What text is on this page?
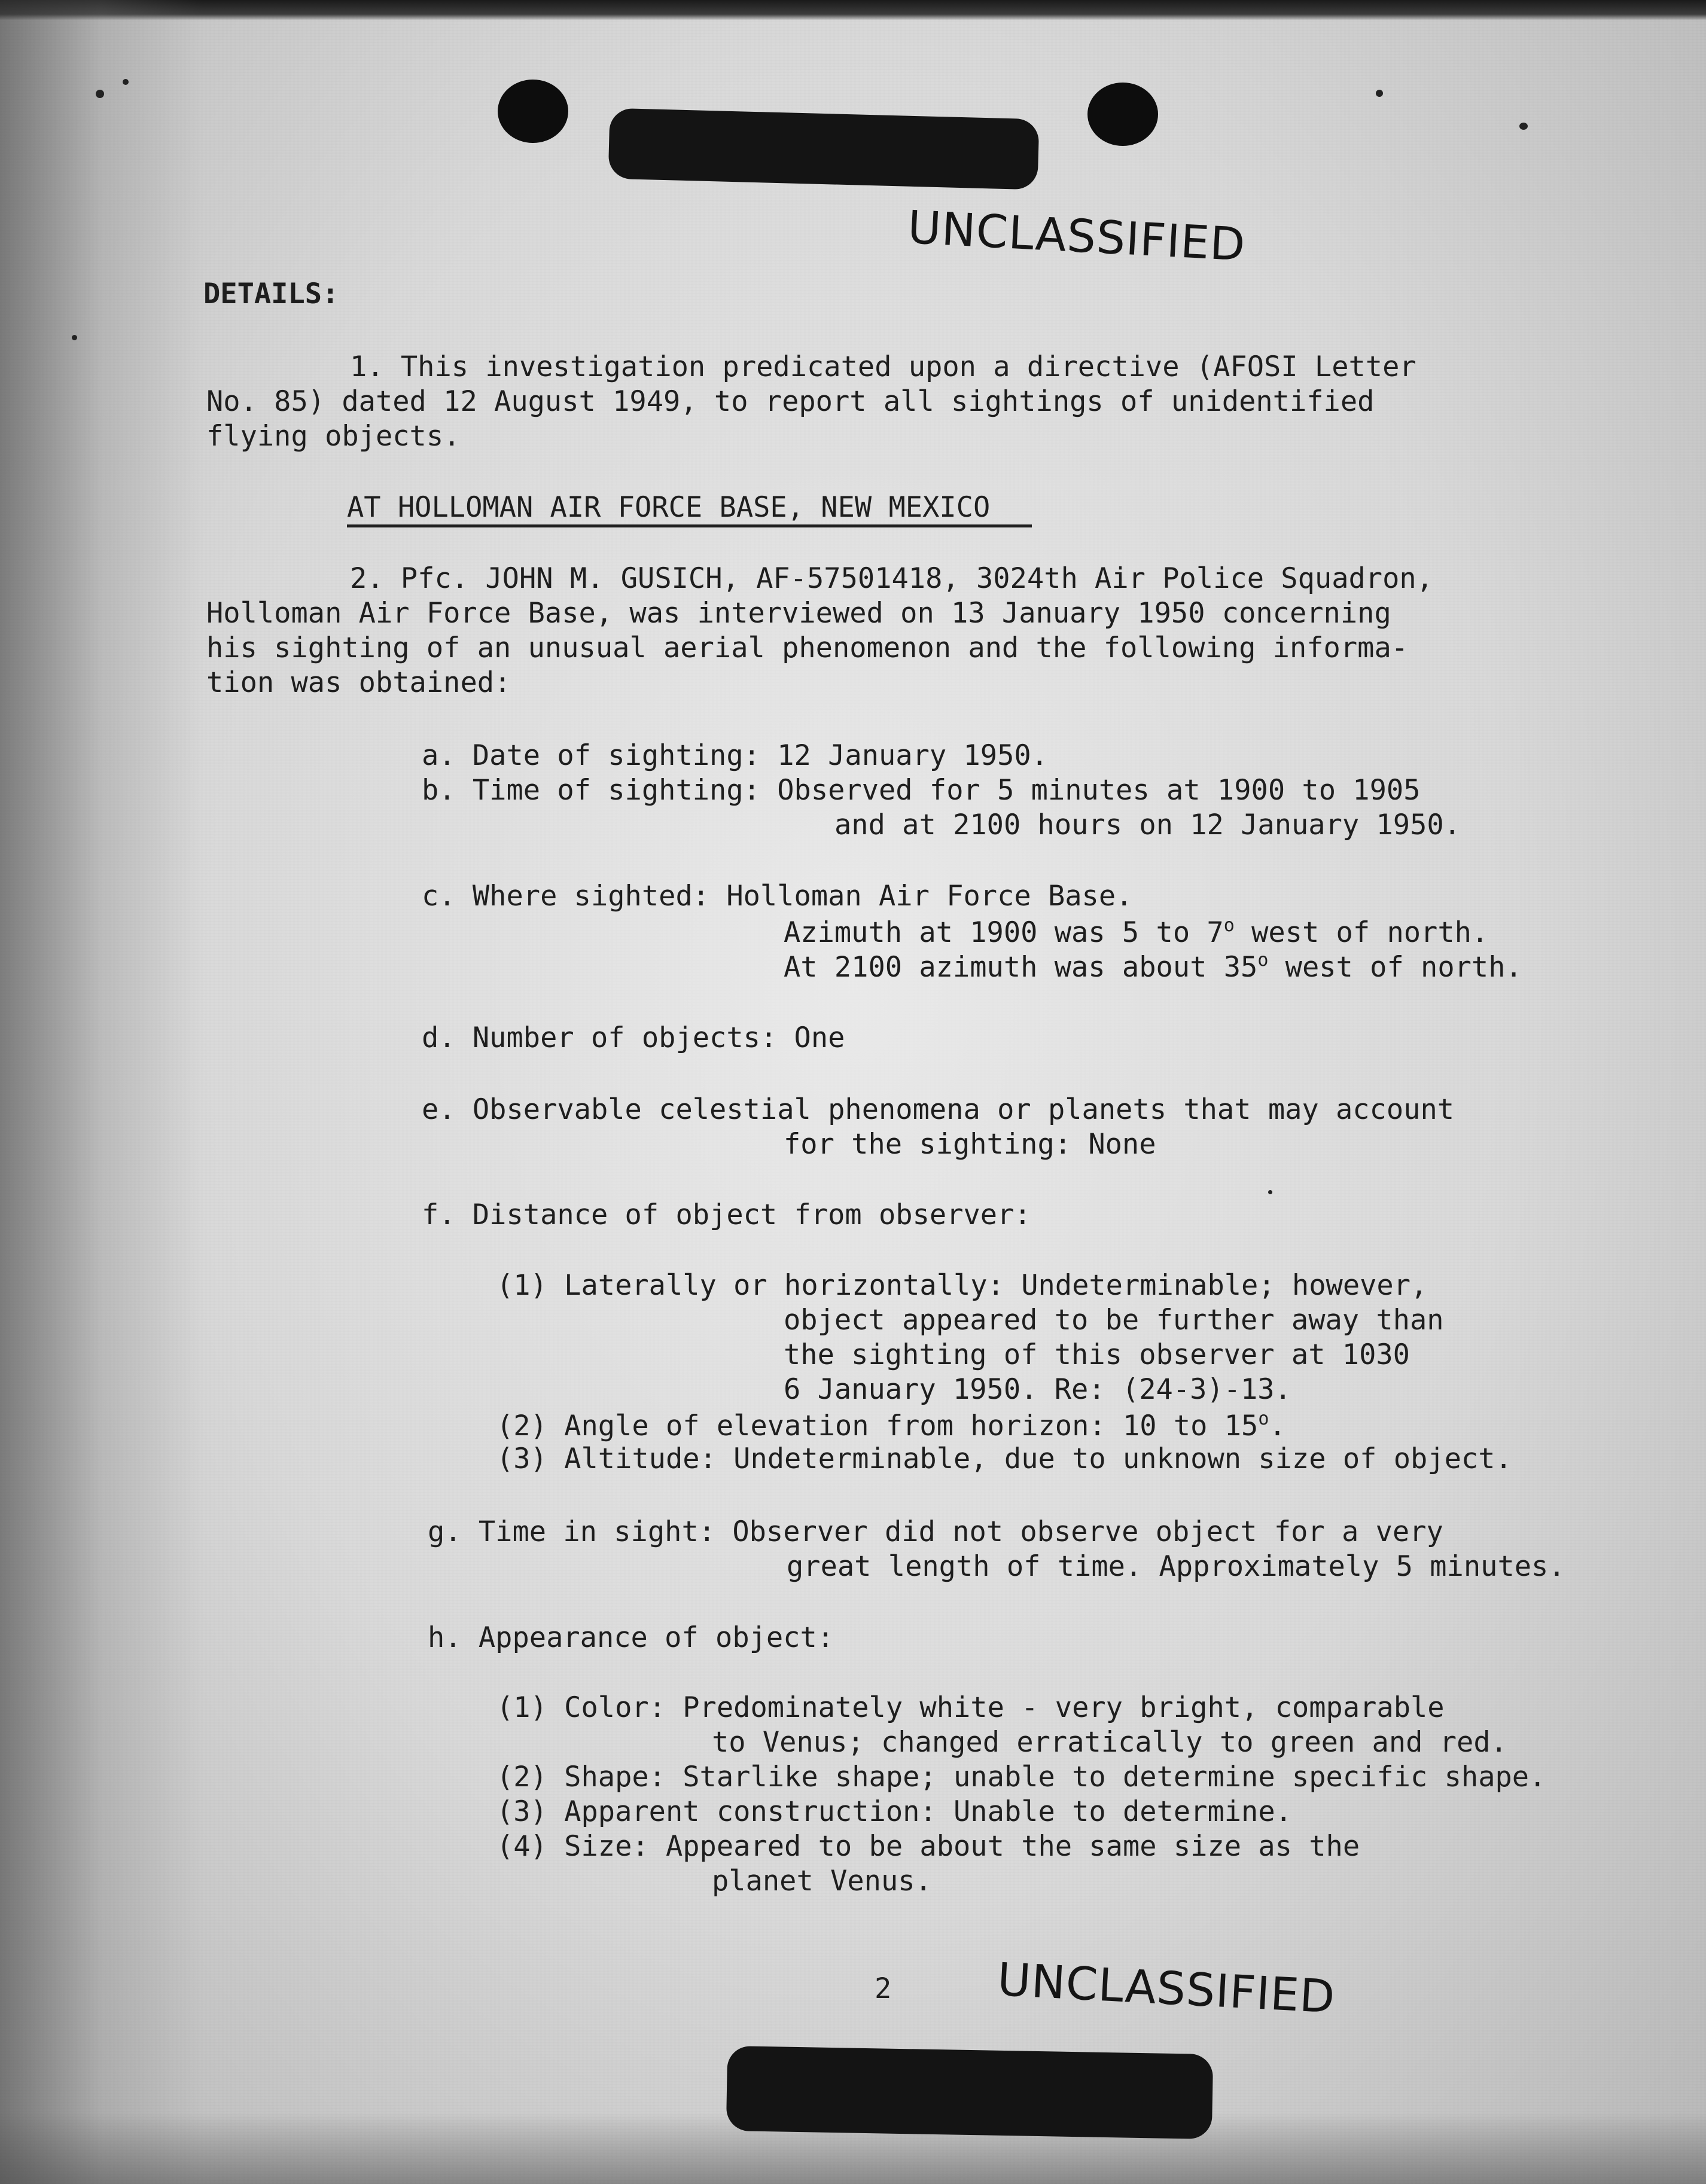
UNCLASSIFIED
UNCLASSIFIED
DETAILS:
1. This investigation predicated upon a directive (AFOSI Letter
No. 85) dated 12 August 1949, to report all sightings of unidentified
flying objects.
AT HOLLOMAN AIR FORCE BASE, NEW MEXICO
2. Pfc. JOHN M. GUSICH, AF-57501418, 3024th Air Police Squadron,
Holloman Air Force Base, was interviewed on 13 January 1950 concerning
his sighting of an unusual aerial phenomenon and the following informa-
tion was obtained:
a. Date of sighting: 12 January 1950.
b. Time of sighting: Observed for 5 minutes at 1900 to 1905
and at 2100 hours on 12 January 1950.
c. Where sighted: Holloman Air Force Base.
Azimuth at 1900 was 5 to 7$^o$ west of north.
At 2100 azimuth was about 35$^o$ west of north.
d. Number of objects: One
e. Observable celestial phenomena or planets that may account
for the sighting: None
f. Distance of object from observer:
(1) Laterally or horizontally: Undeterminable; however,
object appeared to be further away than
the sighting of this observer at 1030
6 January 1950. Re: (24-3)-13.
(2) Angle of elevation from horizon: 10 to 15$^o$.
(3) Altitude: Undeterminable, due to unknown size of object.
g. Time in sight: Observer did not observe object for a very
great length of time. Approximately 5 minutes.
h. Appearance of object:
(1) Color: Predominately white - very bright, comparable
to Venus; changed erratically to green and red.
(2) Shape: Starlike shape; unable to determine specific shape.
(3) Apparent construction: Unable to determine.
(4) Size: Appeared to be about the same size as the
planet Venus.
2
